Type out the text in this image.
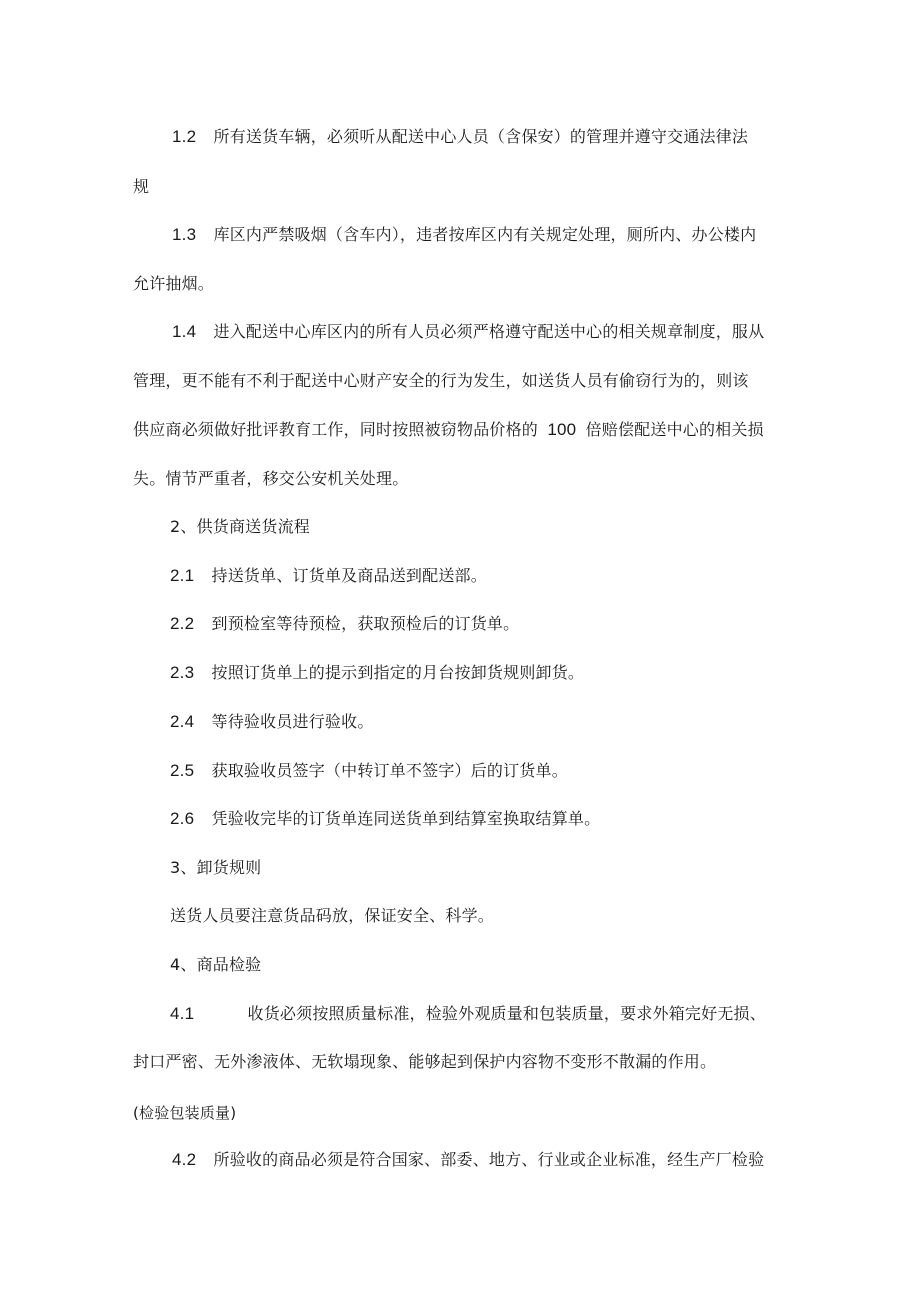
1.2 所有送货车辆，必须听从配送中心人员（含保安）的管理并遵守交通法律法
规
1.3 库区内严禁吸烟（含车内），违者按库区内有关规定处理，厕所内、办公楼内
允许抽烟。
1.4 进入配送中心库区内的所有人员必须严格遵守配送中心的相关规章制度，服从
管理，更不能有不利于配送中心财产安全的行为发生，如送货人员有偷窃行为的，则该
供应商必须做好批评教育工作，同时按照被窃物品价格的 100 倍赔偿配送中心的相关损
失。情节严重者，移交公安机关处理。
2、供货商送货流程
2.1 持送货单、订货单及商品送到配送部。
2.2 到预检室等待预检，获取预检后的订货单。
2.3 按照订货单上的提示到指定的月台按卸货规则卸货。
2.4 等待验收员进行验收。
2.5 获取验收员签字（中转订单不签字）后的订货单。
2.6 凭验收完毕的订货单连同送货单到结算室换取结算单。
3、卸货规则
送货人员要注意货品码放，保证安全、科学。
4、商品检验
4.1	收货必须按照质量标准，检验外观质量和包装质量，要求外箱完好无损、
封口严密、无外渗液体、无软塌现象、能够起到保护内容物不变形不散漏的作用。
(检验包装质量)
4.2 所验收的商品必须是符合国家、部委、地方、行业或企业标准，经生产厂检验
